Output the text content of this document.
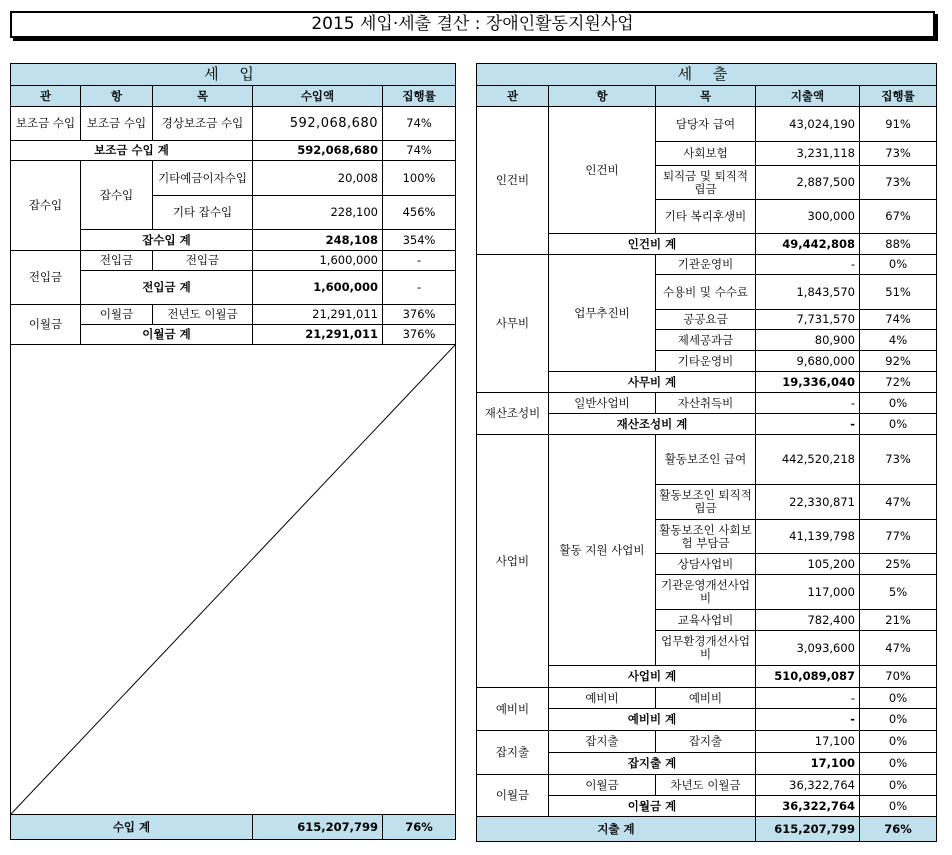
2015 세입·세출 결산 : 장애인활동지원사업
세 입				
관	항	목	수입액	집행률
보조금 수입	보조금 수입	경상보조금 수입	592,068,680	74%
보조금 수입 계			592,068,680	74%
잡수입	잡수입	기타예금이자수입	20,008	100%
		기타 잡수입	228,100	456%
	잡수입 계		248,108	354%
전입금	전입금	전입금	1,600,000	-
	전입금 계		1,600,000	-
이월금	이월금	전년도 이월금	21,291,011	376%
	이월금 계		21,291,011	376%

수입 계			615,207,799	76%
세 출				
관	항	목	지출액	집행률
인건비	인건비	담당자 급여	43,024,190	91%
		사회보험	3,231,118	73%
		퇴직금 및 퇴직적립금	2,887,500	73%
		기타 복리후생비	300,000	67%
	인건비 계		49,442,808	88%
사무비	업무추진비	기관운영비	-	0%
		수용비 및 수수료	1,843,570	51%
		공공요금	7,731,570	74%
		제세공과금	80,900	4%
		기타운영비	9,680,000	92%
	사무비 계		19,336,040	72%
재산조성비	일반사업비	자산취득비	-	0%
	재산조성비 계		-	0%
사업비	활동 지원 사업비	활동보조인 급여	442,520,218	73%
		활동보조인 퇴직적립금	22,330,871	47%
		활동보조인 사회보험 부담금	41,139,798	77%
		상담사업비	105,200	25%
		기관운영개선사업비	117,000	5%
		교육사업비	782,400	21%
		업무환경개선사업비	3,093,600	47%
	사업비 계		510,089,087	70%
예비비	예비비	예비비	-	0%
	예비비 계		-	0%
잡지출	잡지출	잡지출	17,100	0%
	잡지출 계		17,100	0%
이월금	이월금	차년도 이월금	36,322,764	0%
	이월금 계		36,322,764	0%
지출 계			615,207,799	76%
